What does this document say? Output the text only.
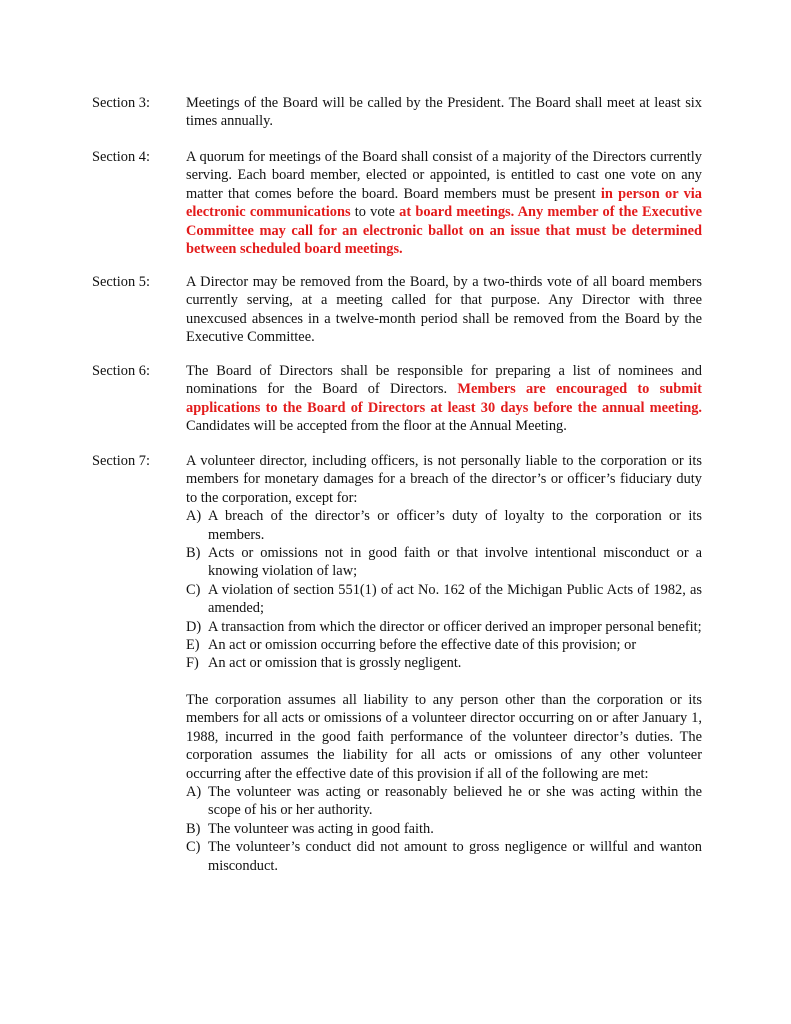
Section 3:	Meetings of the Board will be called by the President. The Board shall meet at least six times annually.
Section 4:	A quorum for meetings of the Board shall consist of a majority of the Directors currently serving. Each board member, elected or appointed, is entitled to cast one vote on any matter that comes before the board. Board members must be present in person or via electronic communications to vote at board meetings. Any member of the Executive Committee may call for an electronic ballot on an issue that must be determined between scheduled board meetings.
Section 5:	A Director may be removed from the Board, by a two-thirds vote of all board members currently serving, at a meeting called for that purpose. Any Director with three unexcused absences in a twelve-month period shall be removed from the Board by the Executive Committee.
Section 6:	The Board of Directors shall be responsible for preparing a list of nominees and nominations for the Board of Directors. Members are encouraged to submit applications to the Board of Directors at least 30 days before the annual meeting. Candidates will be accepted from the floor at the Annual Meeting.
Section 7:	A volunteer director, including officers, is not personally liable to the corporation or its members for monetary damages for a breach of the director’s or officer’s fiduciary duty to the corporation, except for:
A) A breach of the director’s or officer’s duty of loyalty to the corporation or its members.
B) Acts or omissions not in good faith or that involve intentional misconduct or a knowing violation of law;
C) A violation of section 551(1) of act No. 162 of the Michigan Public Acts of 1982, as amended;
D) A transaction from which the director or officer derived an improper personal benefit;
E) An act or omission occurring before the effective date of this provision; or
F) An act or omission that is grossly negligent.
The corporation assumes all liability to any person other than the corporation or its members for all acts or omissions of a volunteer director occurring on or after January 1, 1988, incurred in the good faith performance of the volunteer director’s duties. The corporation assumes the liability for all acts or omissions of any other volunteer occurring after the effective date of this provision if all of the following are met:
A) The volunteer was acting or reasonably believed he or she was acting within the scope of his or her authority.
B) The volunteer was acting in good faith.
C) The volunteer’s conduct did not amount to gross negligence or willful and wanton misconduct.
